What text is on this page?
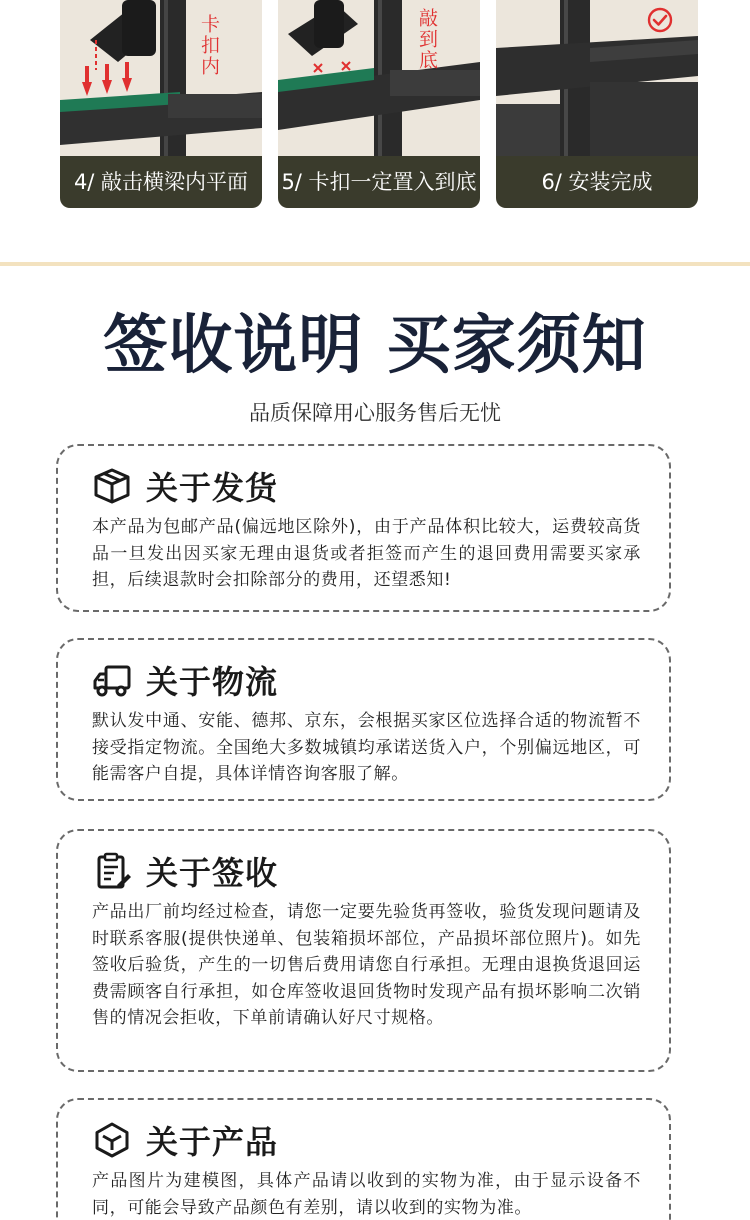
卡扣内
4/ 敲击横梁内平面
敲到底
5/ 卡扣一定置入到底	6/ 安装完成
签收说明 买家须知
品质保障用心服务售后无忧
关于发货

本产品为包邮产品(偏远地区除外)，由于产品体积比较大，运费较高货品一旦发出因买家无理由退货或者拒签而产生的退回费用需要买家承担，后续退款时会扣除部分的费用，还望悉知!

关于物流

默认发中通、安能、德邦、京东，会根据买家区位选择合适的物流暂不接受指定物流。全国绝大多数城镇均承诺送货入户，个别偏远地区，可能需客户自提，具体详情咨询客服了解。

关于签收

产品出厂前均经过检查，请您一定要先验货再签收，验货发现问题请及时联系客服(提供快递单、包装箱损坏部位，产品损坏部位照片)。如先签收后验货，产生的一切售后费用请您自行承担。无理由退换货退回运费需顾客自行承担，如仓库签收退回货物时发现产品有损坏影响二次销售的情况会拒收，下单前请确认好尺寸规格。

关于产品

产品图片为建模图，具体产品请以收到的实物为准，由于显示设备不同，可能会导致产品颜色有差别，请以收到的实物为准。
